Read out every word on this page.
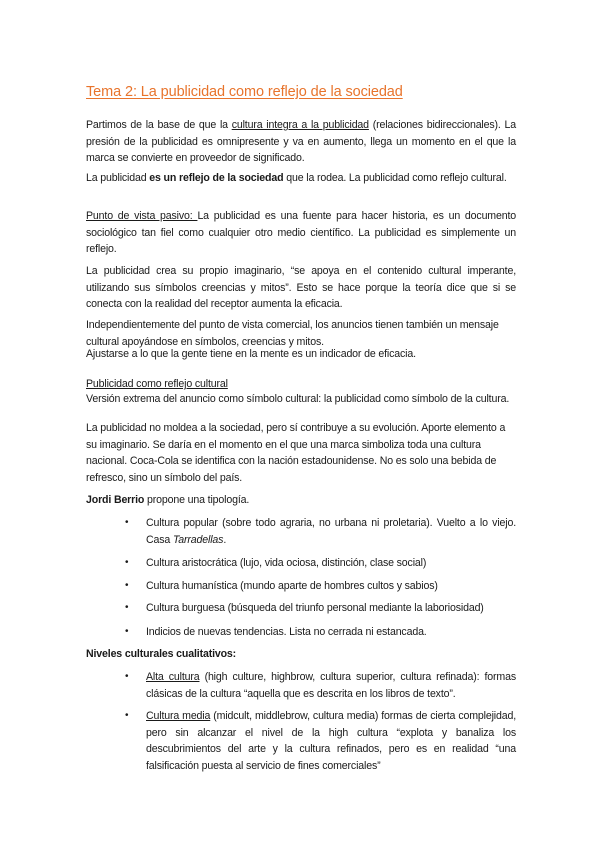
Tema 2: La publicidad como reflejo de la sociedad
Partimos de la base de que la cultura integra a la publicidad (relaciones bidireccionales). La presión de la publicidad es omnipresente y va en aumento, llega un momento en el que la marca se convierte en proveedor de significado.
La publicidad es un reflejo de la sociedad que la rodea. La publicidad como reflejo cultural.
Punto de vista pasivo: La publicidad es una fuente para hacer historia, es un documento sociológico tan fiel como cualquier otro medio científico. La publicidad es simplemente un reflejo.
La publicidad crea su propio imaginario, “se apoya en el contenido cultural imperante, utilizando sus símbolos creencias y mitos”. Esto se hace porque la teoría dice que si se conecta con la realidad del receptor aumenta la eficacia.
Independientemente del punto de vista comercial, los anuncios tienen también un mensaje cultural apoyándose en símbolos, creencias y mitos.
Ajustarse a lo que la gente tiene en la mente es un indicador de eficacia.
Publicidad como reflejo cultural
Versión extrema del anuncio como símbolo cultural: la publicidad como símbolo de la cultura.
La publicidad no moldea a la sociedad, pero sí contribuye a su evolución. Aporte elemento a su imaginario. Se daría en el momento en el que una marca simboliza toda una cultura nacional. Coca-Cola se identifica con la nación estadounidense. No es solo una bebida de refresco, sino un símbolo del país.
Jordi Berrio propone una tipología.
•	Cultura popular (sobre todo agraria, no urbana ni proletaria). Vuelto a lo viejo. Casa Tarradellas.
•	Cultura aristocrática (lujo, vida ociosa, distinción, clase social)
•	Cultura humanística (mundo aparte de hombres cultos y sabios)
•	Cultura burguesa (búsqueda del triunfo personal mediante la laboriosidad)
•	Indicios de nuevas tendencias. Lista no cerrada ni estancada.
Niveles culturales cualitativos:
•	Alta cultura (high culture, highbrow, cultura superior, cultura refinada): formas clásicas de la cultura “aquella que es descrita en los libros de texto”.
•	Cultura media (midcult, middlebrow, cultura media) formas de cierta complejidad, pero sin alcanzar el nivel de la high cultura “explota y banaliza los descubrimientos del arte y la cultura refinados, pero es en realidad “una falsificación puesta al servicio de fines comerciales”
